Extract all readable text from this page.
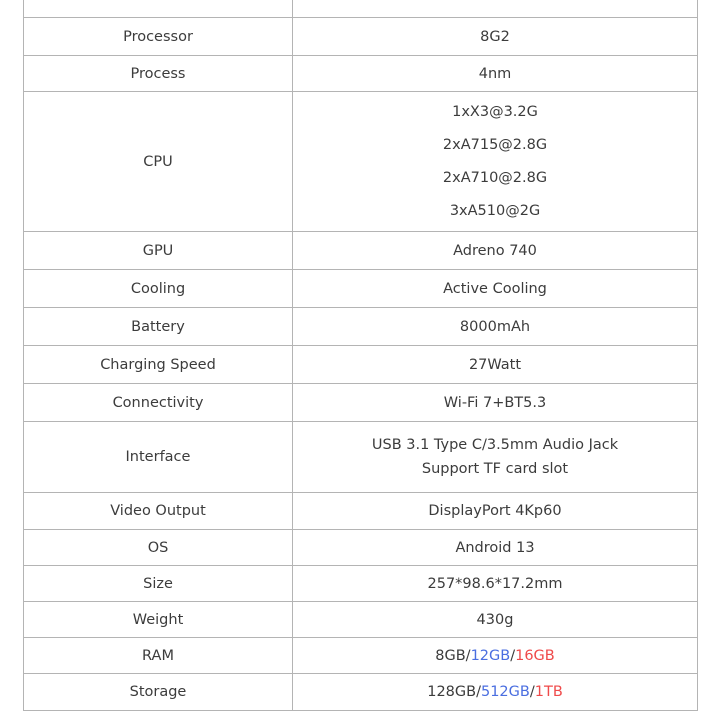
Processor	8G2
Process	4nm
CPU	1xX3@3.2G
2xA715@2.8G
2xA710@2.8G
3xA510@2G

GPU	Adreno 740
Cooling	Active Cooling
Battery	8000mAh
Charging Speed	27Watt
Connectivity	Wi-Fi 7+BT5.3
Interface	USB 3.1 Type C/3.5mm Audio Jack
Support TF card slot

Video Output	DisplayPort 4Kp60
OS	Android 13
Size	257*98.6*17.2mm
Weight	430g
RAM	8GB/12GB/16GB
Storage	128GB/512GB/1TB
